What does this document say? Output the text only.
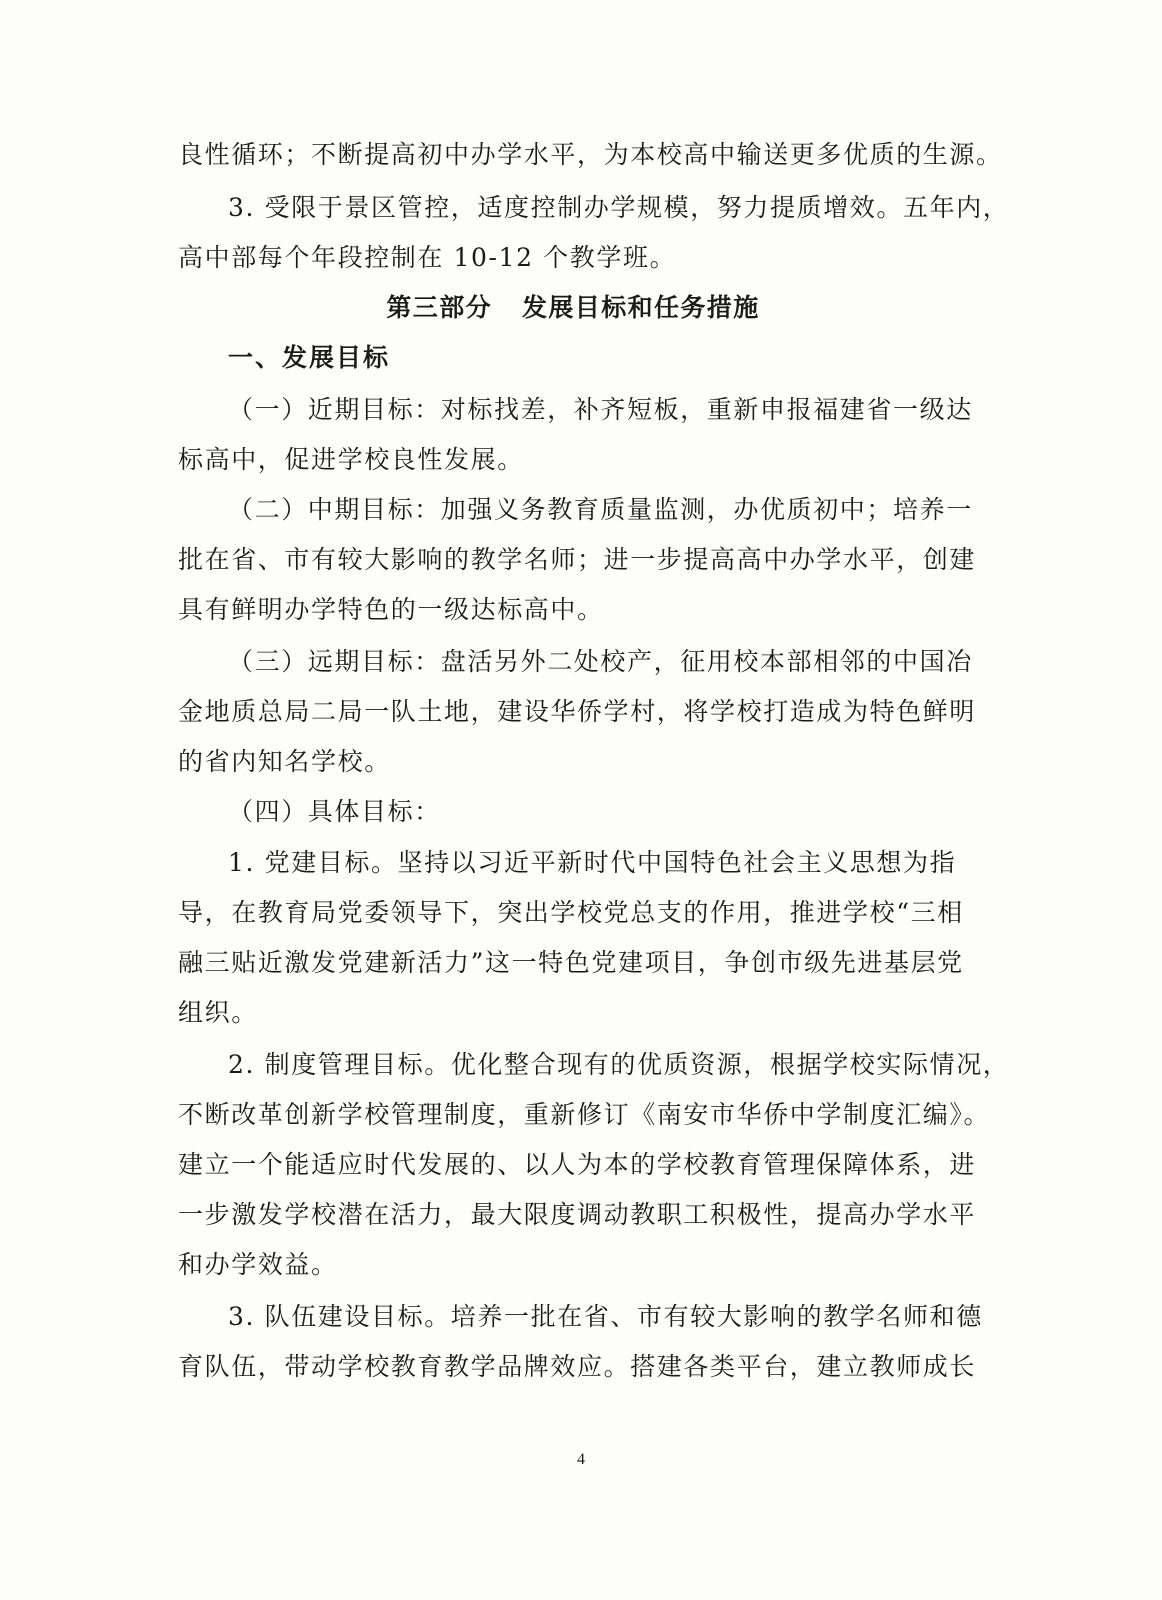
良性循环；不断提高初中办学水平，为本校高中输送更多优质的生源。
3. 受限于景区管控，适度控制办学规模，努力提质增效。五年内，
高中部每个年段控制在 10-12 个教学班。
第三部分 发展目标和任务措施
一、发展目标
（一）近期目标：对标找差，补齐短板，重新申报福建省一级达
标高中，促进学校良性发展。
（二）中期目标：加强义务教育质量监测，办优质初中；培养一
批在省、市有较大影响的教学名师；进一步提高高中办学水平，创建
具有鲜明办学特色的一级达标高中。
（三）远期目标：盘活另外二处校产，征用校本部相邻的中国冶
金地质总局二局一队土地，建设华侨学村，将学校打造成为特色鲜明
的省内知名学校。
（四）具体目标：
1. 党建目标。坚持以习近平新时代中国特色社会主义思想为指
导，在教育局党委领导下，突出学校党总支的作用，推进学校“三相
融三贴近激发党建新活力”这一特色党建项目，争创市级先进基层党
组织。
2. 制度管理目标。优化整合现有的优质资源，根据学校实际情况，
不断改革创新学校管理制度，重新修订《南安市华侨中学制度汇编》。
建立一个能适应时代发展的、以人为本的学校教育管理保障体系，进
一步激发学校潜在活力，最大限度调动教职工积极性，提高办学水平
和办学效益。
3. 队伍建设目标。培养一批在省、市有较大影响的教学名师和德
育队伍，带动学校教育教学品牌效应。搭建各类平台，建立教师成长
4
